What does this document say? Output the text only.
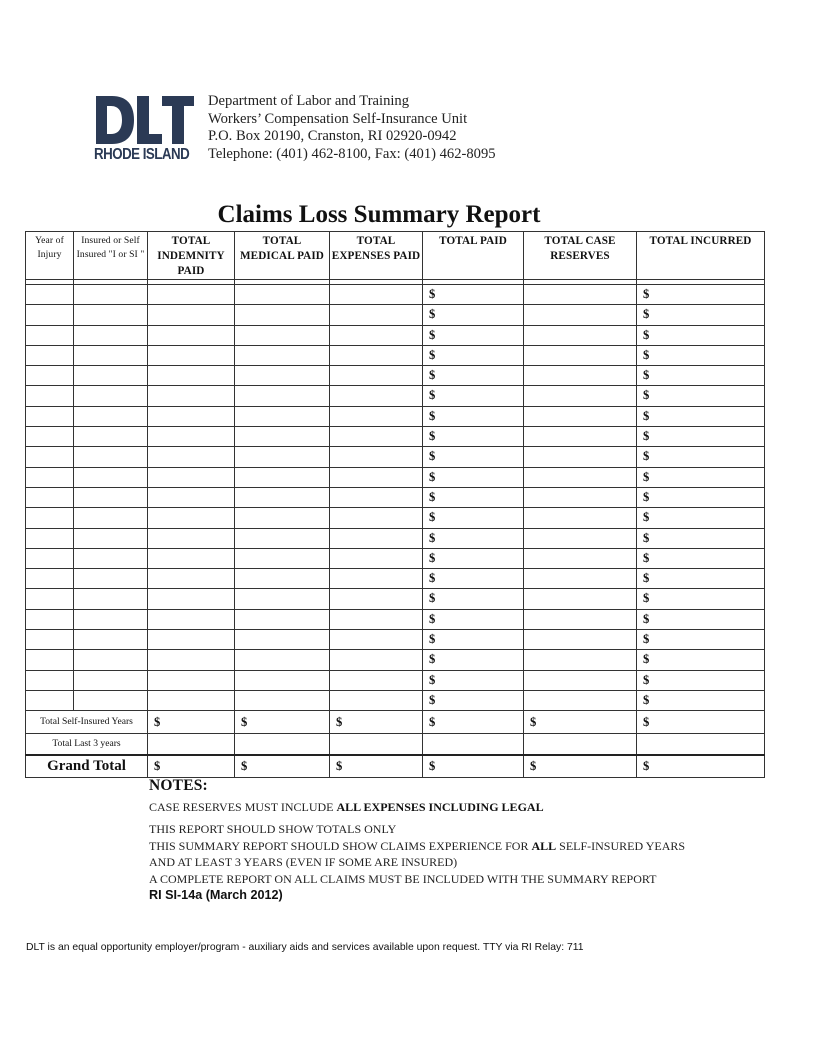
RHODE ISLAND
Department of Labor and Training
Workers’ Compensation Self-Insurance Unit
P.O. Box 20190, Cranston, RI 02920-0942
Telephone: (401) 462-8100, Fax: (401) 462-8095
Claims Loss Summary Report
Year of Injury	Insured or Self Insured "I or SI "	TOTAL INDEMNITY PAID	TOTAL MEDICAL PAID	TOTAL EXPENSES PAID	TOTAL PAID	TOTAL CASE RESERVES	TOTAL INCURRED

					$		$
					$		$
					$		$
					$		$
					$		$
					$		$
					$		$
					$		$
					$		$
					$		$
					$		$
					$		$
					$		$
					$		$
					$		$
					$		$
					$		$
					$		$
					$		$
					$		$
					$		$
Total Self-Insured Years		$	$	$	$	$	$
Total Last 3 years							
Grand Total		$	$	$	$	$	$
NOTES:
CASE RESERVES MUST INCLUDE ALL EXPENSES INCLUDING LEGAL
THIS REPORT SHOULD SHOW TOTALS ONLY
THIS SUMMARY REPORT SHOULD SHOW CLAIMS EXPERIENCE FOR ALL SELF-INSURED YEARS
AND AT LEAST 3 YEARS (EVEN IF SOME ARE INSURED)
A COMPLETE REPORT ON ALL CLAIMS MUST BE INCLUDED WITH THE SUMMARY REPORT
RI SI-14a (March 2012)
DLT is an equal opportunity employer/program - auxiliary aids and services available upon request. TTY via RI Relay: 711
